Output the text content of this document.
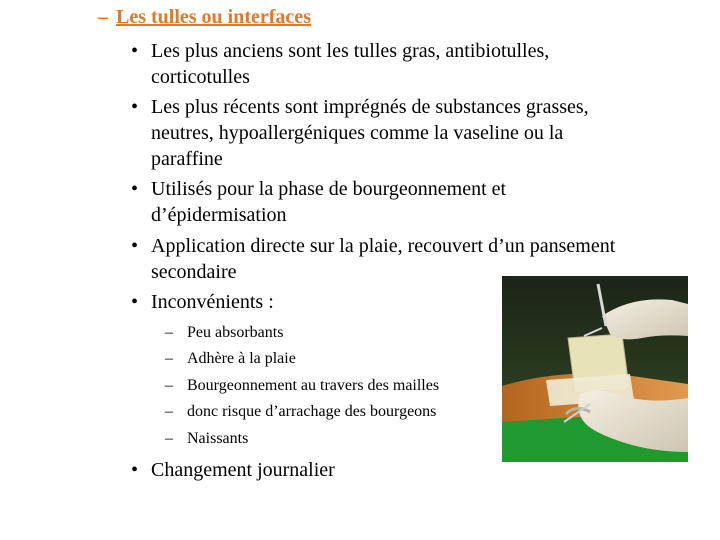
– Les tulles ou interfaces
• Les plus anciens sont les tulles gras, antibiotulles,
corticotulles
• Les plus récents sont imprégnés de substances grasses,
neutres, hypoallergéniques comme la vaseline ou la
paraffine
• Utilisés pour la phase de bourgeonnement et
d’épidermisation
• Application directe sur la plaie, recouvert d’un pansement
secondaire
• Inconvénients :
– Peu absorbants
– Adhère à la plaie
– Bourgeonnement au travers des mailles
– donc risque d’arrachage des bourgeons
– Naissants
• Changement journalier
